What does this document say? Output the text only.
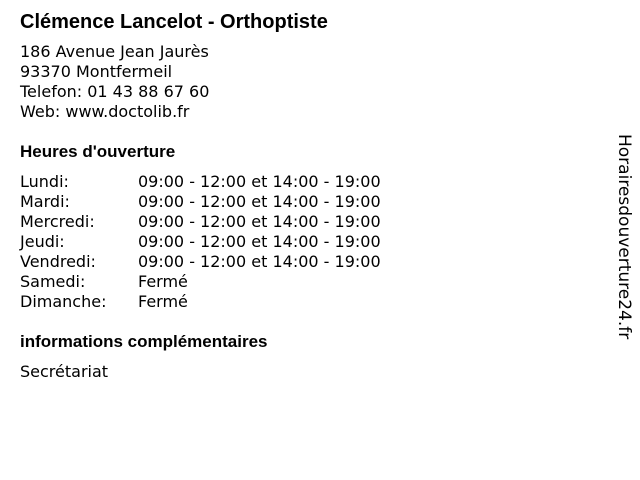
Clémence Lancelot - Orthoptiste
186 Avenue Jean Jaurès
93370 Montfermeil
Telefon: 01 43 88 67 60
Web: www.doctolib.fr
Heures d'ouverture
Lundi:	09:00 - 12:00 et 14:00 - 19:00
Mardi:	09:00 - 12:00 et 14:00 - 19:00
Mercredi:	09:00 - 12:00 et 14:00 - 19:00
Jeudi:	09:00 - 12:00 et 14:00 - 19:00
Vendredi:	09:00 - 12:00 et 14:00 - 19:00
Samedi:	Fermé
Dimanche:	Fermé
informations complémentaires
Secrétariat
Horairesdouverture24.fr
